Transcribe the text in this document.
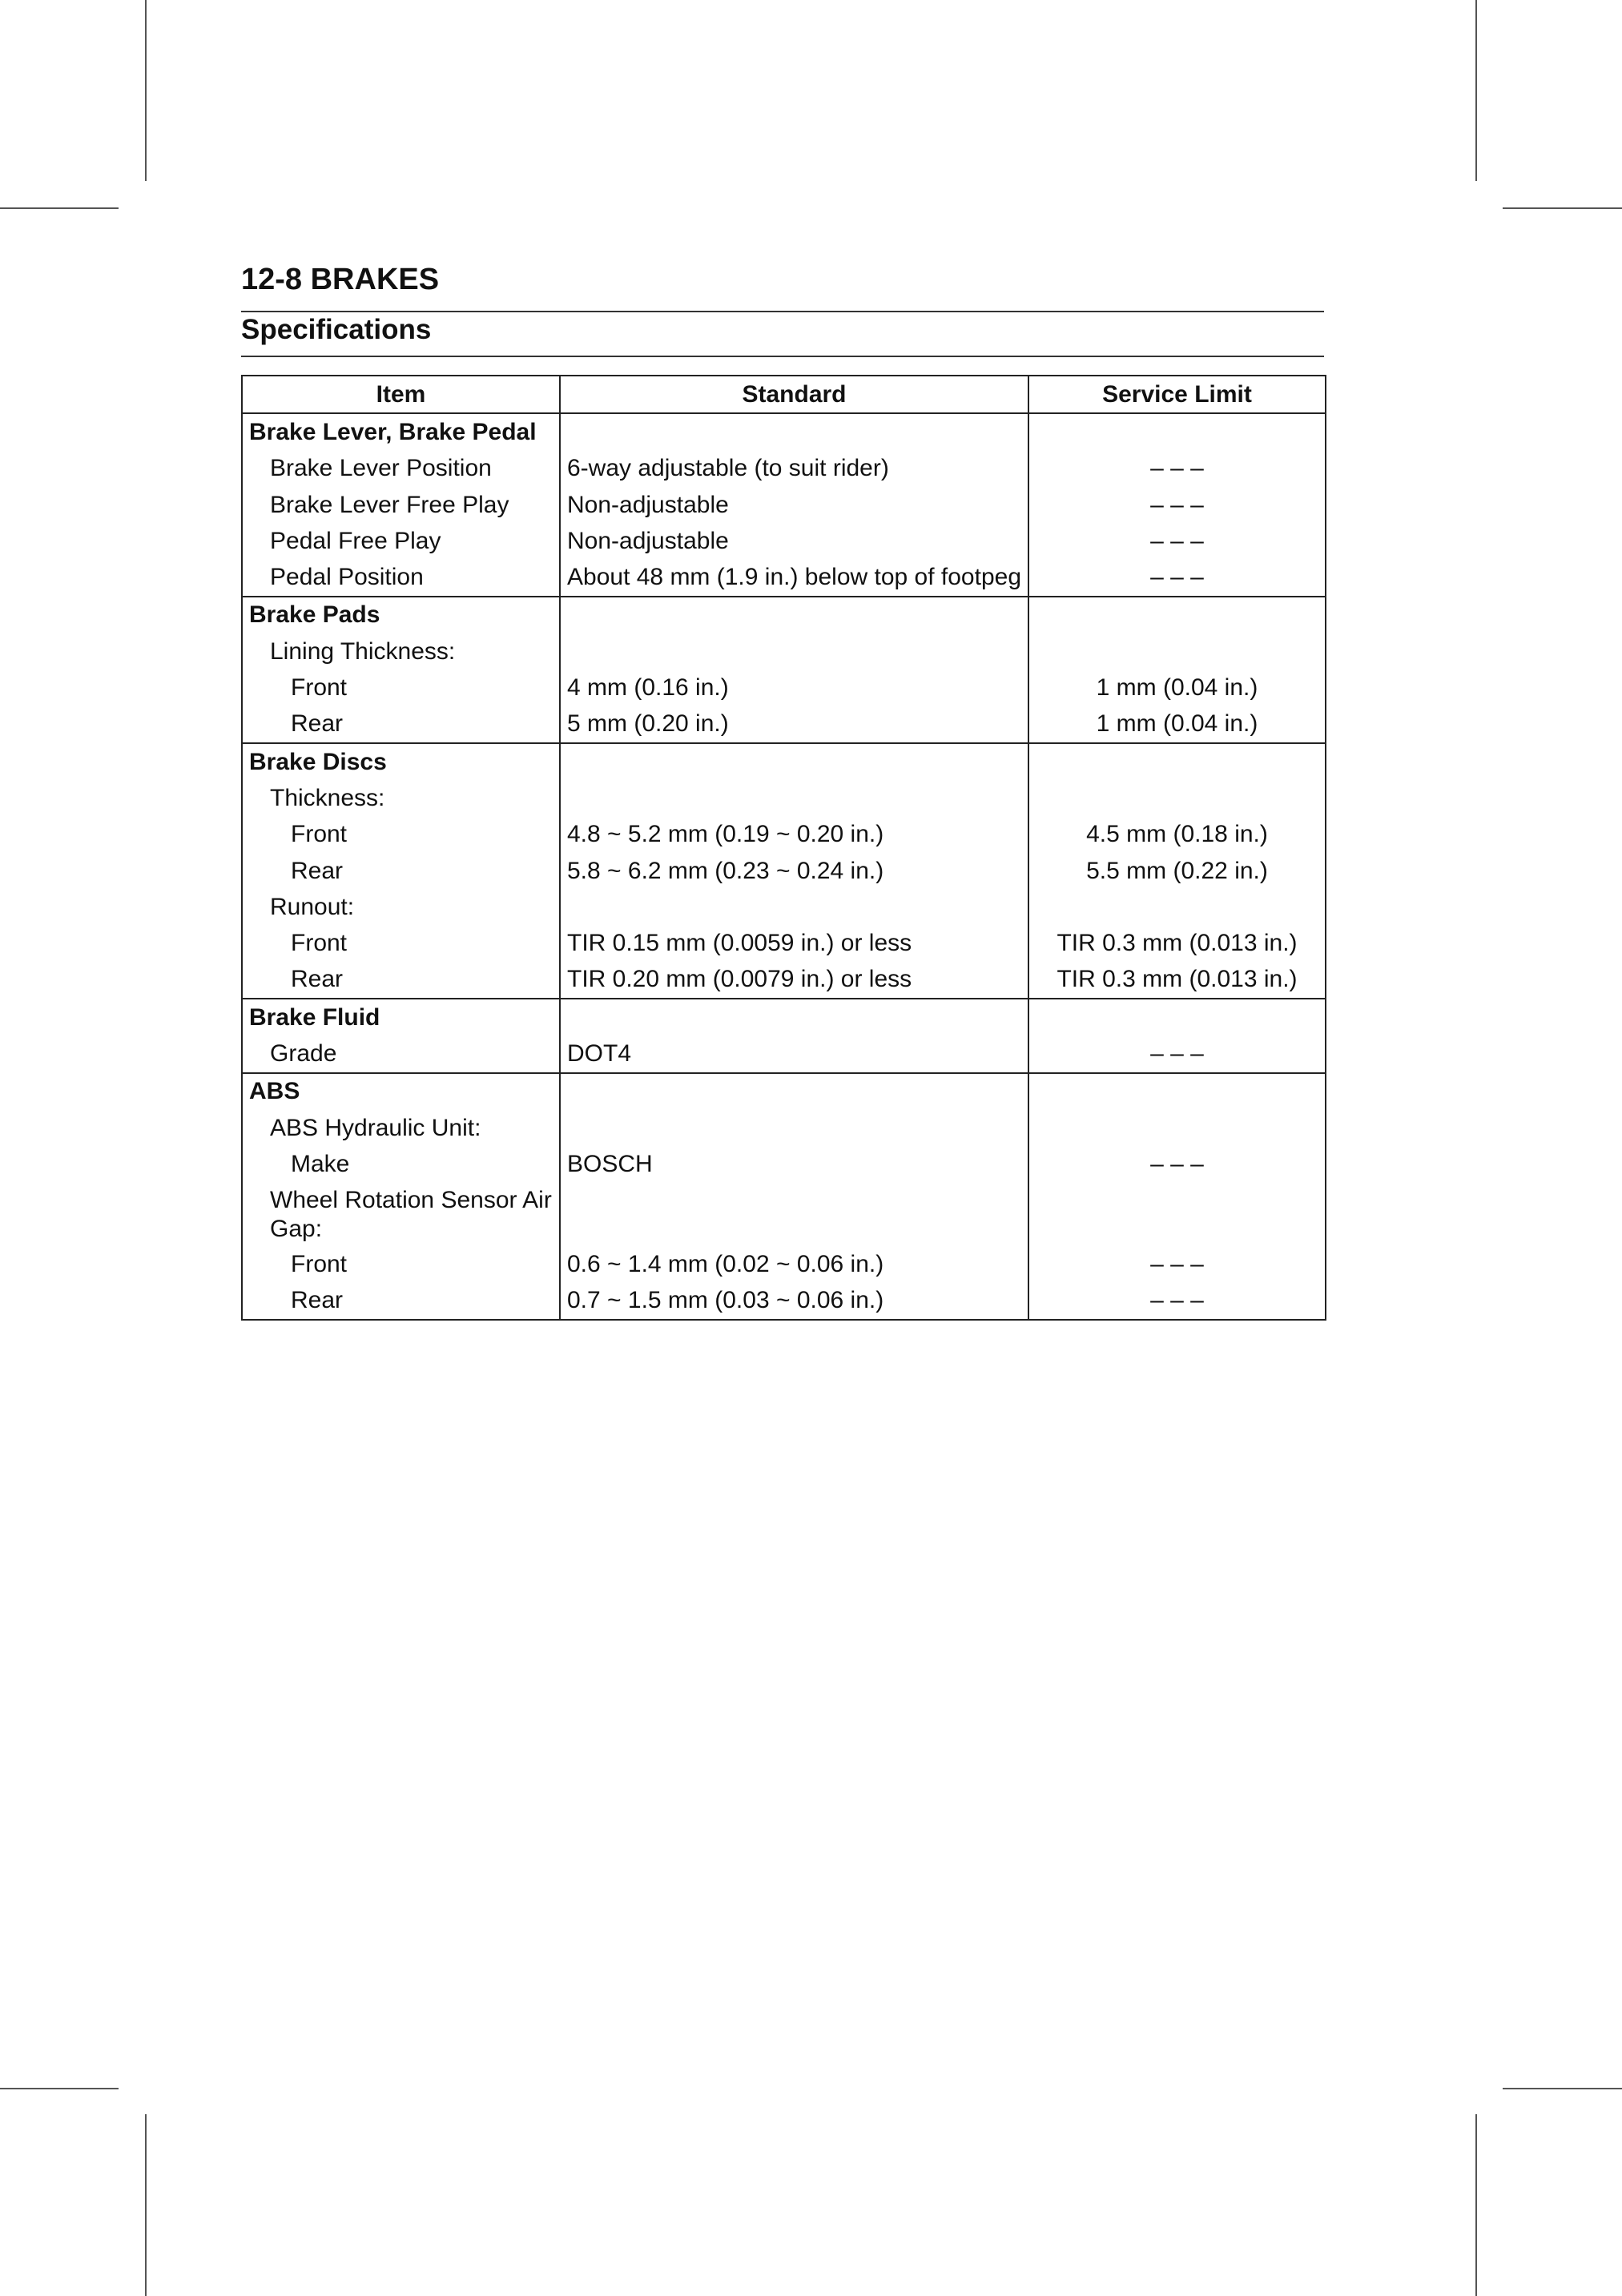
12-8 BRAKES
Specifications
Item	Standard	Service Limit
Brake Lever, Brake Pedal		
Brake Lever Position	6-way adjustable (to suit rider)	– – –
Brake Lever Free Play	Non-adjustable	– – –
Pedal Free Play	Non-adjustable	– – –
Pedal Position	About 48 mm (1.9 in.) below top of footpeg	– – –
Brake Pads		
Lining Thickness:		
Front	4 mm (0.16 in.)	1 mm (0.04 in.)
Rear	5 mm (0.20 in.)	1 mm (0.04 in.)
Brake Discs		
Thickness:		
Front	4.8 ~ 5.2 mm (0.19 ~ 0.20 in.)	4.5 mm (0.18 in.)
Rear	5.8 ~ 6.2 mm (0.23 ~ 0.24 in.)	5.5 mm (0.22 in.)
Runout:		
Front	TIR 0.15 mm (0.0059 in.) or less	TIR 0.3 mm (0.013 in.)
Rear	TIR 0.20 mm (0.0079 in.) or less	TIR 0.3 mm (0.013 in.)
Brake Fluid		
Grade	DOT4	– – –
ABS		
ABS Hydraulic Unit:		
Make	BOSCH	– – –
Wheel Rotation Sensor Air Gap:		
Front	0.6 ~ 1.4 mm (0.02 ~ 0.06 in.)	– – –
Rear	0.7 ~ 1.5 mm (0.03 ~ 0.06 in.)	– – –
